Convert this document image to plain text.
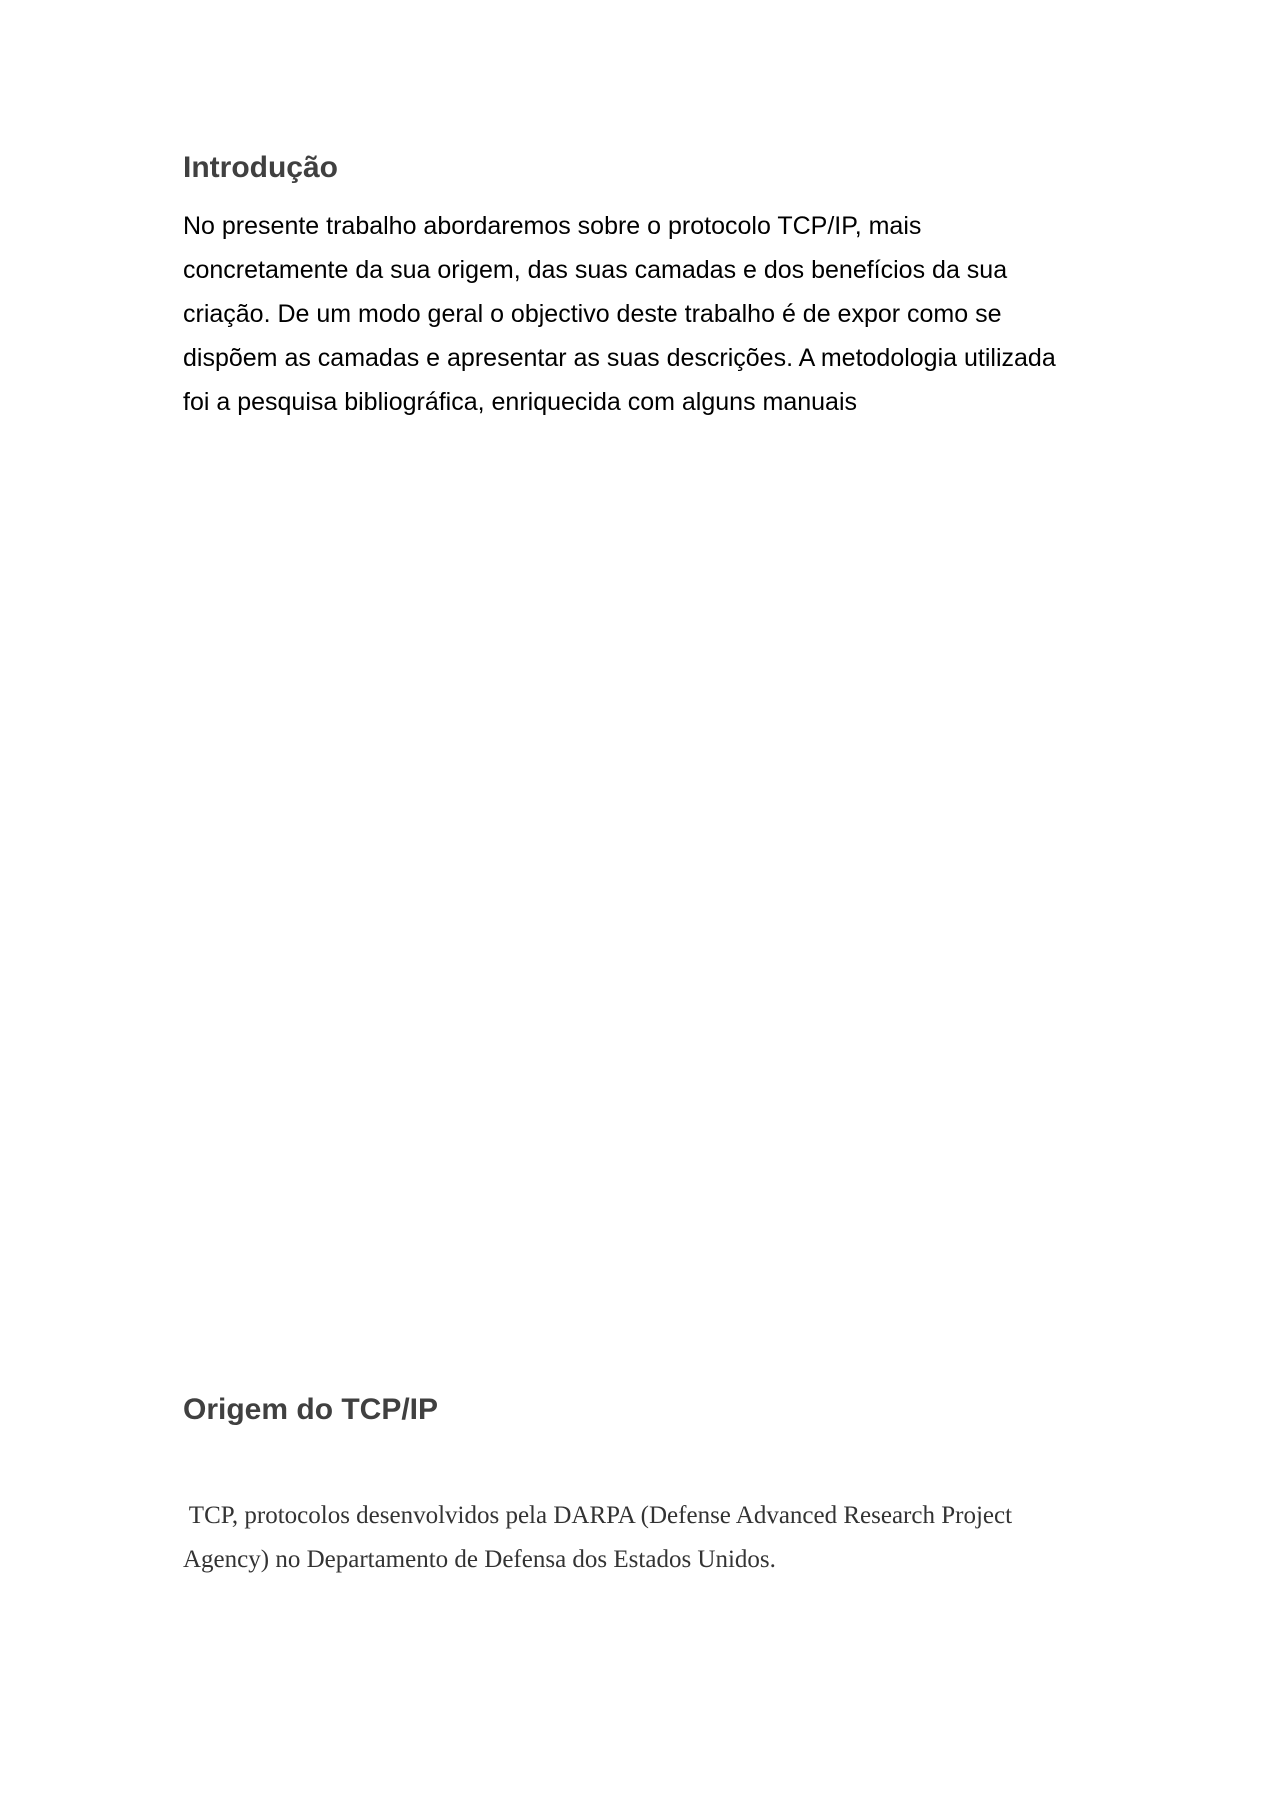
Introdução

No presente trabalho abordaremos sobre o protocolo TCP/IP, mais
concretamente da sua origem, das suas camadas e dos benefícios da sua
criação. De um modo geral o objectivo deste trabalho é de expor como se
dispõem as camadas e apresentar as suas descrições. A metodologia utilizada
foi a pesquisa bibliográfica, enriquecida com alguns manuais

Origem do TCP/IP

TCP, protocolos desenvolvidos pela DARPA (Defense Advanced Research Project
Agency) no Departamento de Defensa dos Estados Unidos.
